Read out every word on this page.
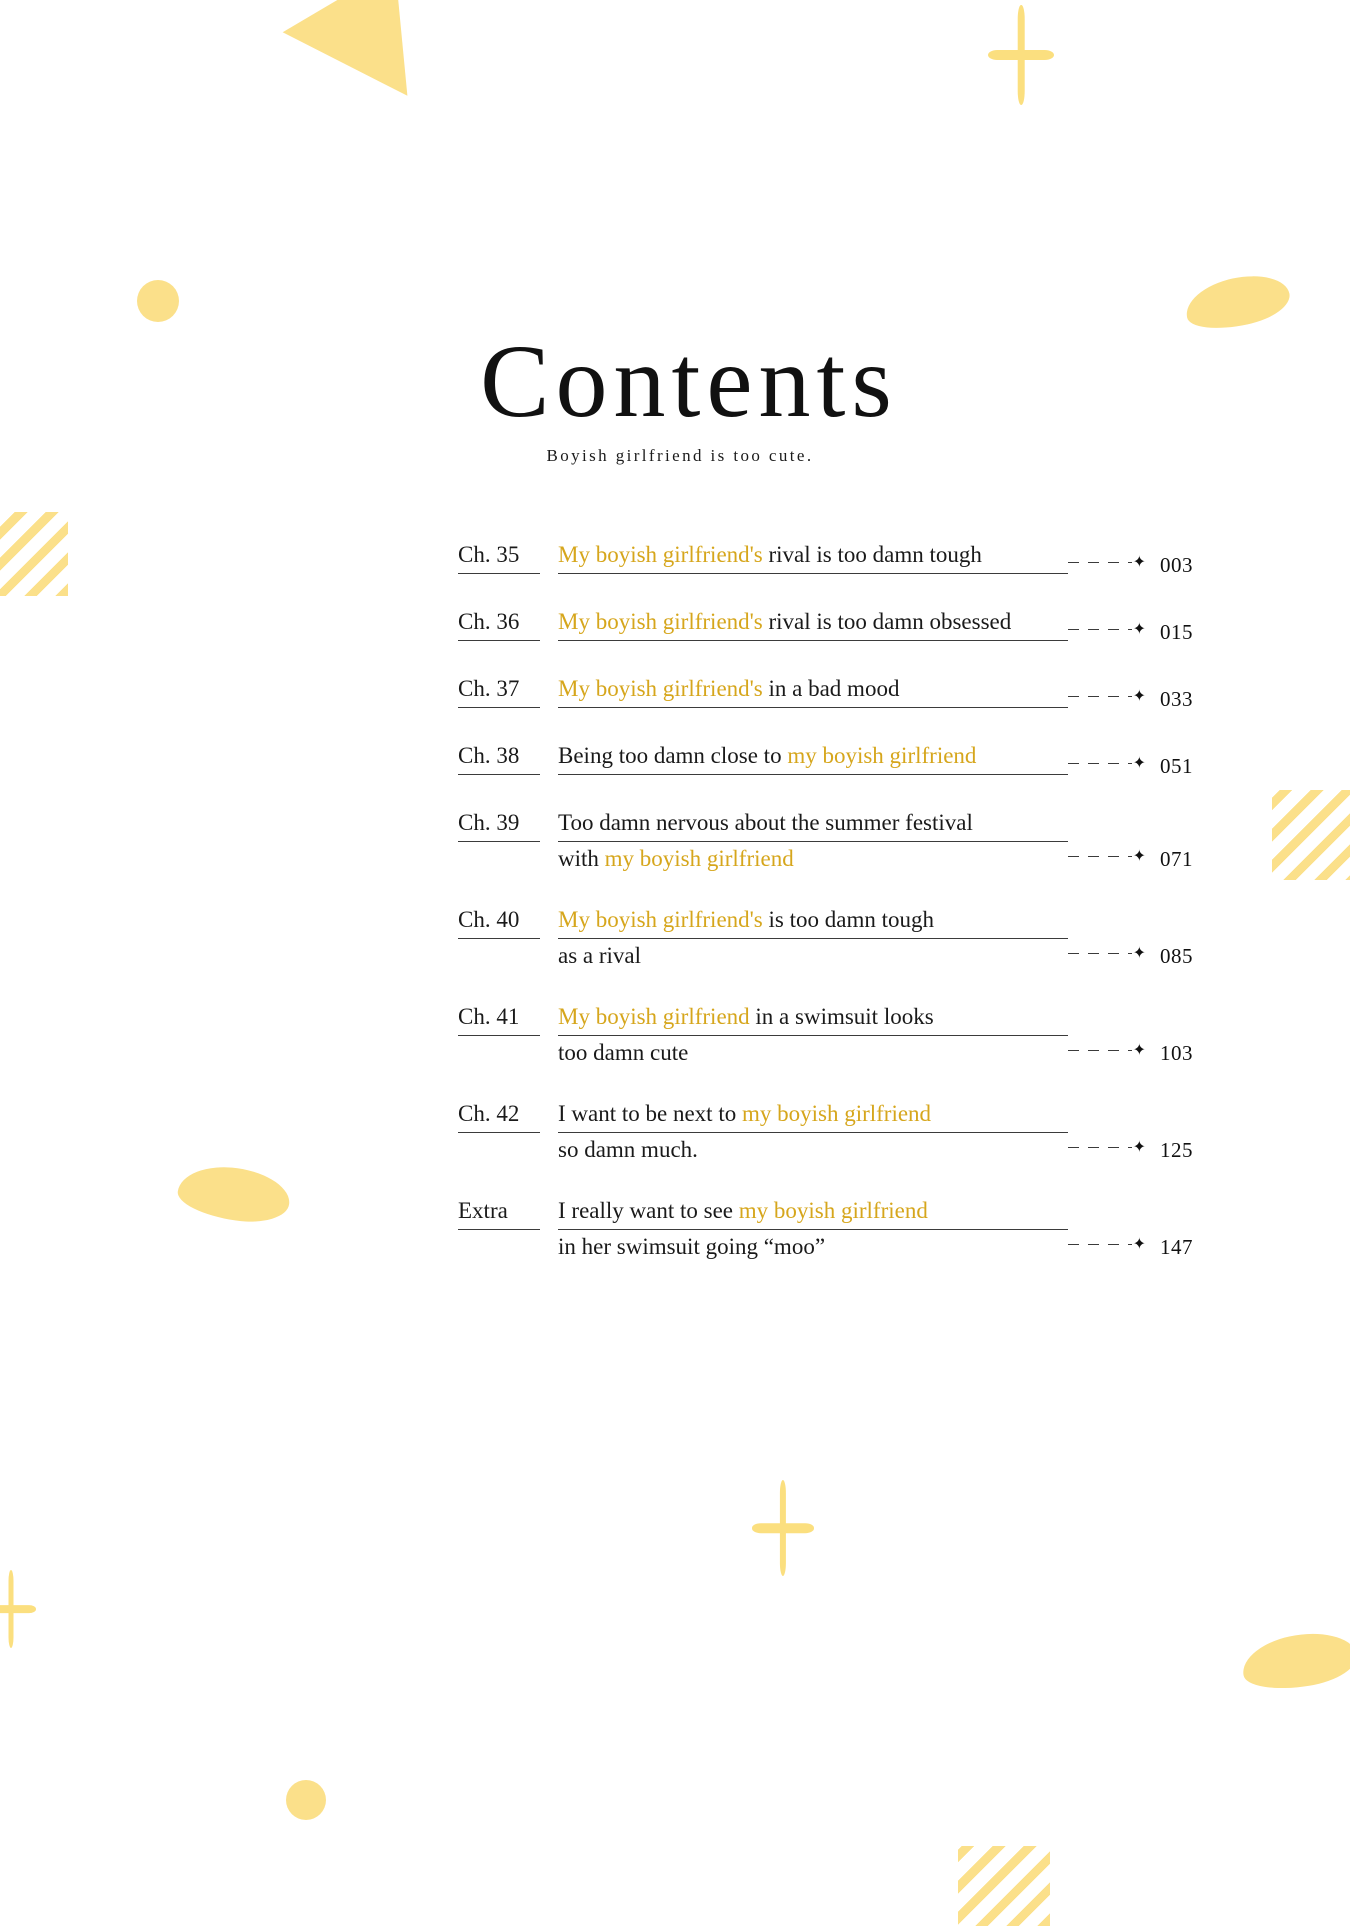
Contents
Boyish girlfriend is too cute.
Ch. 35	My boyish girlfriend's rival is too damn tough	✦ 003
Ch. 36	My boyish girlfriend's rival is too damn obsessed	✦ 015
Ch. 37	My boyish girlfriend's in a bad mood	✦ 033
Ch. 38	Being too damn close to my boyish girlfriend	✦ 051
Ch. 39	Too damn nervous about the summer festival
with my boyish girlfriend	✦ 071
Ch. 40	My boyish girlfriend's is too damn tough
as a rival	✦ 085
Ch. 41	My boyish girlfriend in a swimsuit looks
too damn cute	✦ 103
Ch. 42	I want to be next to my boyish girlfriend
so damn much.	✦ 125
Extra	I really want to see my boyish girlfriend
in her swimsuit going “moo”	✦ 147
